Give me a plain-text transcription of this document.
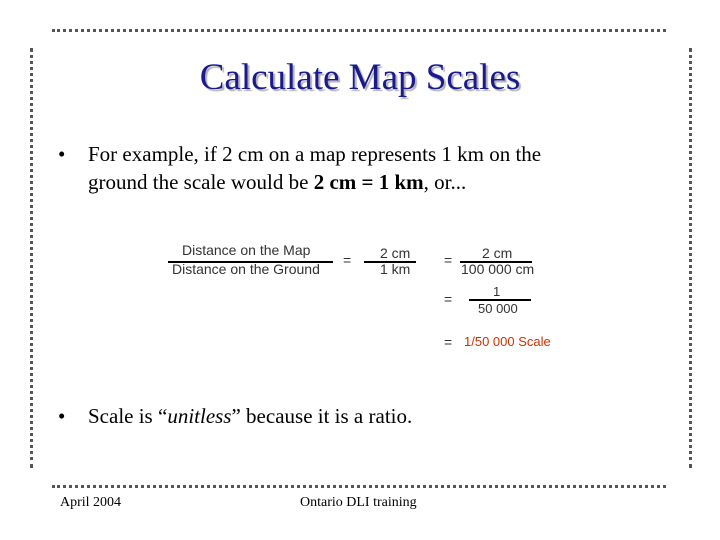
Calculate Map Scales
• For example, if 2 cm on a map represents 1 km on the
ground the scale would be 2 cm = 1 km, or...
Distance on the Map
Distance on the Ground
= 2 cm
1 km
= 2 cm
100 000 cm
=	1
50 000
= 1/50 000 Scale
• Scale is “unitless” because it is a ratio.
April 2004	Ontario DLI training
